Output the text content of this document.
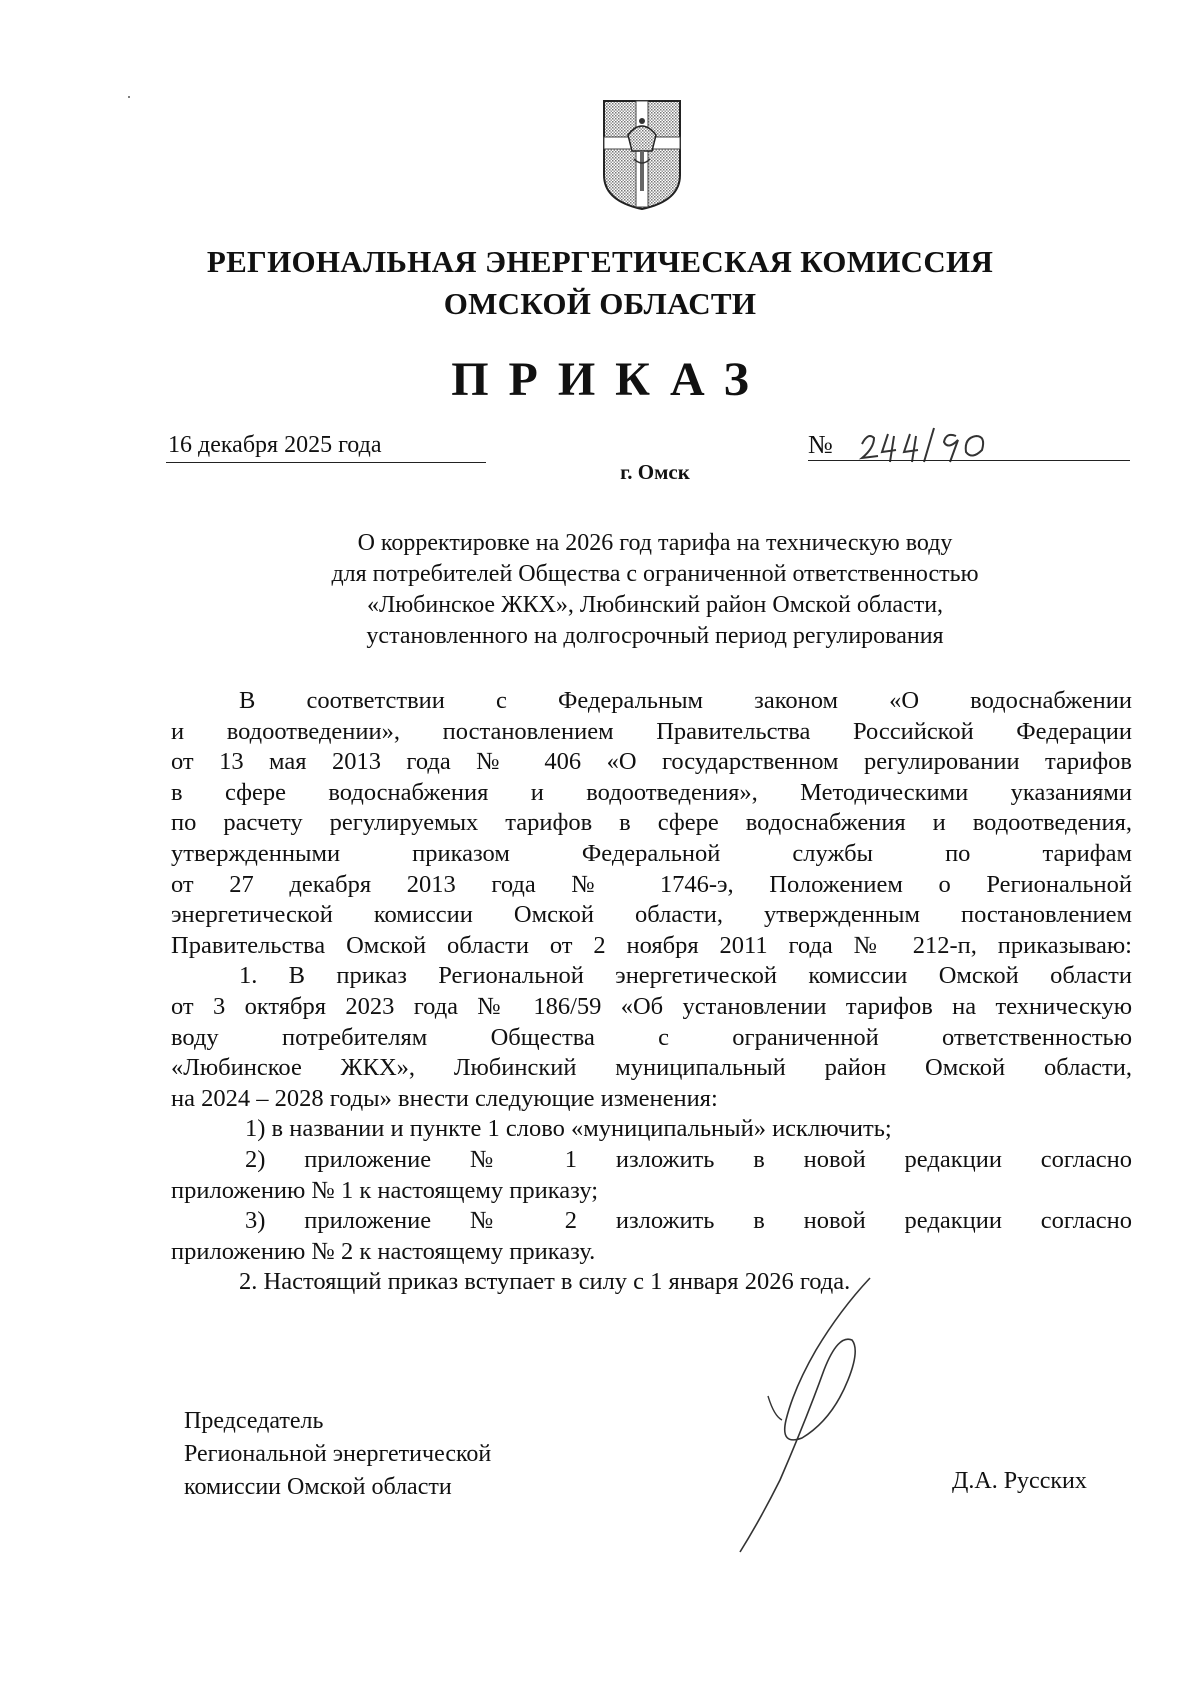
РЕГИОНАЛЬНАЯ ЭНЕРГЕТИЧЕСКАЯ КОМИССИЯ
ОМСКОЙ ОБЛАСТИ
ПРИКАЗ
16 декабря 2025 года	№
г. Омск
О корректировке на 2026 год тарифа на техническую воду
для потребителей Общества с ограниченной ответственностью
«Любинское ЖКХ», Любинский район Омской области,
установленного на долгосрочный период регулирования
В соответствии с Федеральным законом «О водоснабжении
и водоотведении», постановлением Правительства Российской Федерации
от 13 мая 2013 года № 406 «О государственном регулировании тарифов
в сфере водоснабжения и водоотведения», Методическими указаниями
по расчету регулируемых тарифов в сфере водоснабжения и водоотведения,
утвержденными приказом Федеральной службы по тарифам
от 27 декабря 2013 года № 1746-э, Положением о Региональной
энергетической комиссии Омской области, утвержденным постановлением
Правительства Омской области от 2 ноября 2011 года № 212-п, приказываю:
1. В приказ Региональной энергетической комиссии Омской области
от 3 октября 2023 года № 186/59 «Об установлении тарифов на техническую
воду потребителям Общества с ограниченной ответственностью
«Любинское ЖКХ», Любинский муниципальный район Омской области,
на 2024 – 2028 годы» внести следующие изменения:
1) в названии и пункте 1 слово «муниципальный» исключить;
2) приложение № 1 изложить в новой редакции согласно
приложению № 1 к настоящему приказу;
3) приложение № 2 изложить в новой редакции согласно
приложению № 2 к настоящему приказу.
2. Настоящий приказ вступает в силу с 1 января 2026 года.
Председатель
Региональной энергетической
комиссии Омской области	Д.А. Русских
